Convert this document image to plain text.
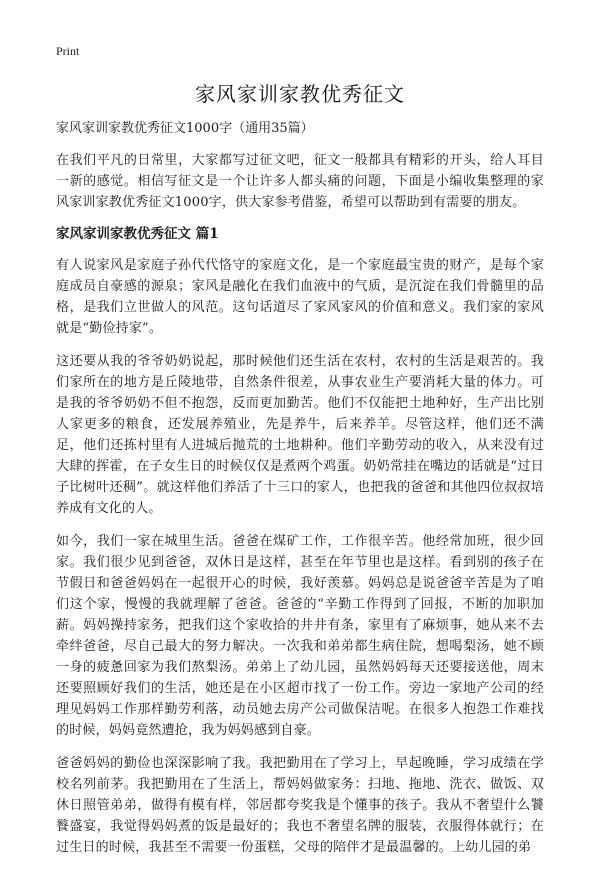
Print
家风家训家教优秀征文
家风家训家教优秀征文1000字（通用35篇）

在我们平凡的日常里，大家都写过征文吧，征文一般都具有精彩的开头，给人耳目一新的感觉。相信写征文是一个让许多人都头痛的问题，下面是小编收集整理的家风家训家教优秀征文1000字，供大家参考借鉴，希望可以帮助到有需要的朋友。

家风家训家教优秀征文 篇1

有人说家风是家庭子孙代代恪守的家庭文化，是一个家庭最宝贵的财产，是每个家庭成员自豪感的源泉；家风是融化在我们血液中的气质，是沉淀在我们骨髓里的品格，是我们立世做人的风范。这句话道尽了家风家风的价值和意义。我们家的家风就是“勤俭持家”。

这还要从我的爷爷奶奶说起，那时候他们还生活在农村，农村的生活是艰苦的。我们家所在的地方是丘陵地带，自然条件很差，从事农业生产要消耗大量的体力。可是我的爷爷奶奶不但不抱怨，反而更加勤苦。他们不仅能把土地种好，生产出比别人家更多的粮食，还发展养殖业，先是养牛，后来养羊。尽管这样，他们还不满足，他们还拣村里有人进城后抛荒的土地耕种。他们辛勤劳动的收入，从来没有过大肆的挥霍，在子女生日的时候仅仅是煮两个鸡蛋。奶奶常挂在嘴边的话就是“过日子比树叶还稠”。就这样他们养活了十三口的家人，也把我的爸爸和其他四位叔叔培养成有文化的人。

如今，我们一家在城里生活。爸爸在煤矿工作，工作很辛苦。他经常加班，很少回家。我们很少见到爸爸，双休日是这样，甚至在年节里也是这样。看到别的孩子在节假日和爸爸妈妈在一起很开心的时候，我好羡慕。妈妈总是说爸爸辛苦是为了咱们这个家，慢慢的我就理解了爸爸。爸爸的“辛勤工作得到了回报，不断的加职加薪。妈妈操持家务，把我们这个家收拾的井井有条，家里有了麻烦事，她从来不去牵绊爸爸，尽自己最大的努力解决。一次我和弟弟都生病住院，想喝梨汤，她不顾一身的疲惫回家为我们熬梨汤。弟弟上了幼儿园，虽然妈妈每天还要接送他，周末还要照顾好我们的生活，她还是在小区超市找了一份工作。旁边一家地产公司的经理见妈妈工作那样勤劳利落，动员她去房产公司做保洁呢。在很多人抱怨工作难找的时候，妈妈竟然遭抢，我为妈妈感到自豪。

爸爸妈妈的勤俭也深深影响了我。我把勤用在了学习上，早起晚睡，学习成绩在学校名列前茅。我把勤用在了生活上，帮妈妈做家务：扫地、拖地、洗衣、做饭、双休日照管弟弟，做得有模有样，邻居都夸奖我是个懂事的孩子。我从不奢望什么饕餮盛宴，我觉得妈妈煮的饭是最好的；我也不奢望名牌的服装，衣服得体就行；在过生日的时候，我甚至不需要一份蛋糕，父母的陪伴才是最温馨的。上幼儿园的弟
